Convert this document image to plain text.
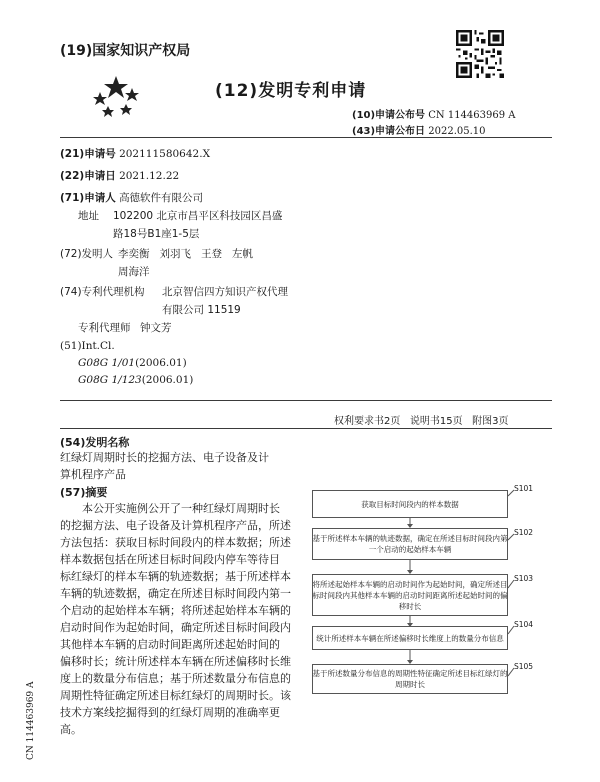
(19)国家知识产权局
(12)发明专利申请
(10)申请公布号 CN 114463969 A
(43)申请公布日 2022.05.10
(21)申请号 202111580642.X
(22)申请日 2021.12.22
(71)申请人 高德软件有限公司
地址 102200 北京市昌平区科技园区昌盛
路18号B1座1-5层
(72)发明人 李奕衡   刘羽飞   王登   左帆
周海洋
(74)专利代理机构 北京智信四方知识产权代理
有限公司 11519
专利代理师 钟文芳
(51)Int.Cl.
G08G 1/01(2006.01)
G08G 1/123(2006.01)
权利要求书2页   说明书15页   附图3页
(54)发明名称
红绿灯周期时长的挖掘方法、电子设备及计
算机程序产品
(57)摘要
本公开实施例公开了一种红绿灯周期时长
的挖掘方法、电子设备及计算机程序产品，所述
方法包括：获取目标时间段内的样本数据；所述
样本数据包括在所述目标时间段内停车等待目
标红绿灯的样本车辆的轨迹数据；基于所述样本
车辆的轨迹数据，确定在所述目标时间段内第一
个启动的起始样本车辆；将所述起始样本车辆的
启动时间作为起始时间，确定所述目标时间段内
其他样本车辆的启动时间距离所述起始时间的
偏移时长；统计所述样本车辆在所述偏移时长维
度上的数量分布信息；基于所述数量分布信息的
周期性特征确定所述目标红绿灯的周期时长。该
技术方案线挖掘得到的红绿灯周期的准确率更
高。
获取目标时间段内的样本数据
S101
基于所述样本车辆的轨迹数据，确定在所述目标时间段内第
一个启动的起始样本车辆
S102
将所述起始样本车辆的启动时间作为起始时间，确定所述目
标时间段内其他样本车辆的启动时间距离所述起始时间的偏
移时长
S103
统计所述样本车辆在所述偏移时长维度上的数量分布信息
S104
基于所述数量分布信息的周期性特征确定所述目标红绿灯的
周期时长
S105
CN 114463969 A
